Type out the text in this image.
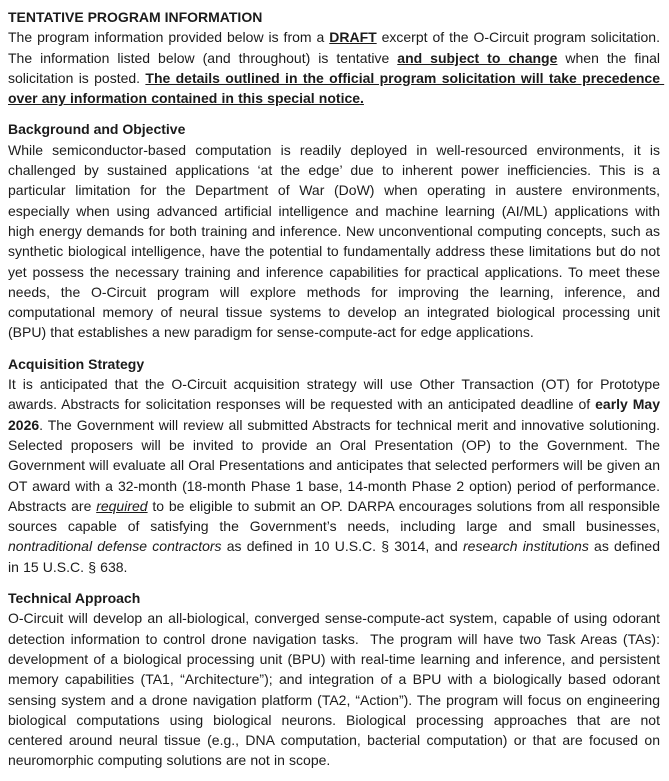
TENTATIVE PROGRAM INFORMATION

The program information provided below is from a DRAFT excerpt of the O-Circuit program solicitation. The information listed below (and throughout) is tentative and subject to change when the final solicitation is posted. The details outlined in the official program solicitation will take precedence over any information contained in this special notice.

Background and Objective

While semiconductor-based computation is readily deployed in well-resourced environments, it is challenged by sustained applications ‘at the edge’ due to inherent power inefficiencies. This is a particular limitation for the Department of War (DoW) when operating in austere environments, especially when using advanced artificial intelligence and machine learning (AI/ML) applications with high energy demands for both training and inference. New unconventional computing concepts, such as synthetic biological intelligence, have the potential to fundamentally address these limitations but do not yet possess the necessary training and inference capabilities for practical applications. To meet these needs, the O-Circuit program will explore methods for improving the learning, inference, and computational memory of neural tissue systems to develop an integrated biological processing unit (BPU) that establishes a new paradigm for sense-compute-act for edge applications.

Acquisition Strategy

It is anticipated that the O-Circuit acquisition strategy will use Other Transaction (OT) for Prototype awards. Abstracts for solicitation responses will be requested with an anticipated deadline of early May 2026. The Government will review all submitted Abstracts for technical merit and innovative solutioning. Selected proposers will be invited to provide an Oral Presentation (OP) to the Government. The Government will evaluate all Oral Presentations and anticipates that selected performers will be given an OT award with a 32-month (18-month Phase 1 base, 14-month Phase 2 option) period of performance. Abstracts are required to be eligible to submit an OP. DARPA encourages solutions from all responsible sources capable of satisfying the Government’s needs, including large and small businesses, nontraditional defense contractors as defined in 10 U.S.C. § 3014, and research institutions as defined in 15 U.S.C. § 638.

Technical Approach

O-Circuit will develop an all-biological, converged sense-compute-act system, capable of using odorant detection information to control drone navigation tasks.  The program will have two Task Areas (TAs): development of a biological processing unit (BPU) with real-time learning and inference, and persistent memory capabilities (TA1, “Architecture”); and integration of a BPU with a biologically based odorant sensing system and a drone navigation platform (TA2, “Action”). The program will focus on engineering biological computations using biological neurons. Biological processing approaches that are not centered around neural tissue (e.g., DNA computation, bacterial computation) or that are focused on neuromorphic computing solutions are not in scope.
